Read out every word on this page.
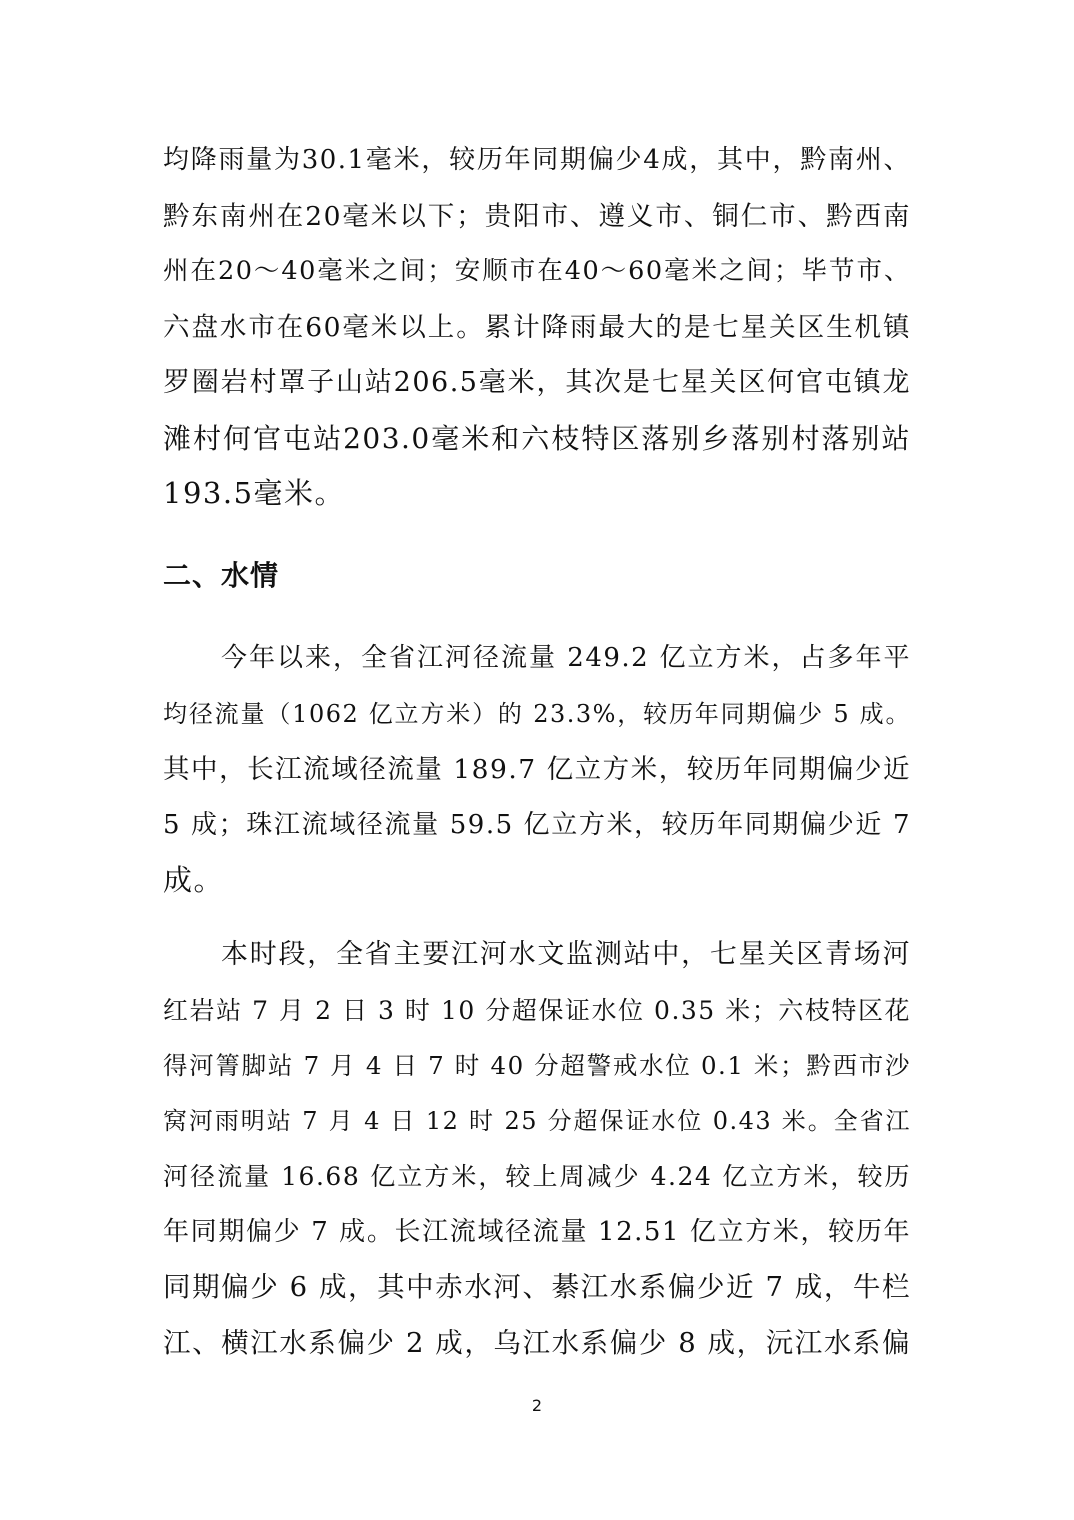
均降雨量为30.1毫米，较历年同期偏少4成，其中，黔南州、
黔东南州在20毫米以下；贵阳市、遵义市、铜仁市、黔西南
州在20～40毫米之间；安顺市在40～60毫米之间；毕节市、
六盘水市在60毫米以上。累计降雨最大的是七星关区生机镇
罗圈岩村罩子山站206.5毫米，其次是七星关区何官屯镇龙
滩村何官屯站203.0毫米和六枝特区落别乡落别村落别站
193.5毫米。
二、水情
今年以来，全省江河径流量 249.2 亿立方米，占多年平
均径流量（1062 亿立方米）的 23.3%，较历年同期偏少 5 成。
其中，长江流域径流量 189.7 亿立方米，较历年同期偏少近
5 成；珠江流域径流量 59.5 亿立方米，较历年同期偏少近 7
成。
本时段，全省主要江河水文监测站中，七星关区青场河
红岩站 7 月 2 日 3 时 10 分超保证水位 0.35 米；六枝特区花
得河箐脚站 7 月 4 日 7 时 40 分超警戒水位 0.1 米；黔西市沙
窝河雨明站 7 月 4 日 12 时 25 分超保证水位 0.43 米。全省江
河径流量 16.68 亿立方米，较上周减少 4.24 亿立方米，较历
年同期偏少 7 成。长江流域径流量 12.51 亿立方米，较历年
同期偏少 6 成，其中赤水河、綦江水系偏少近 7 成，牛栏
江、横江水系偏少 2 成，乌江水系偏少 8 成，沅江水系偏
2
